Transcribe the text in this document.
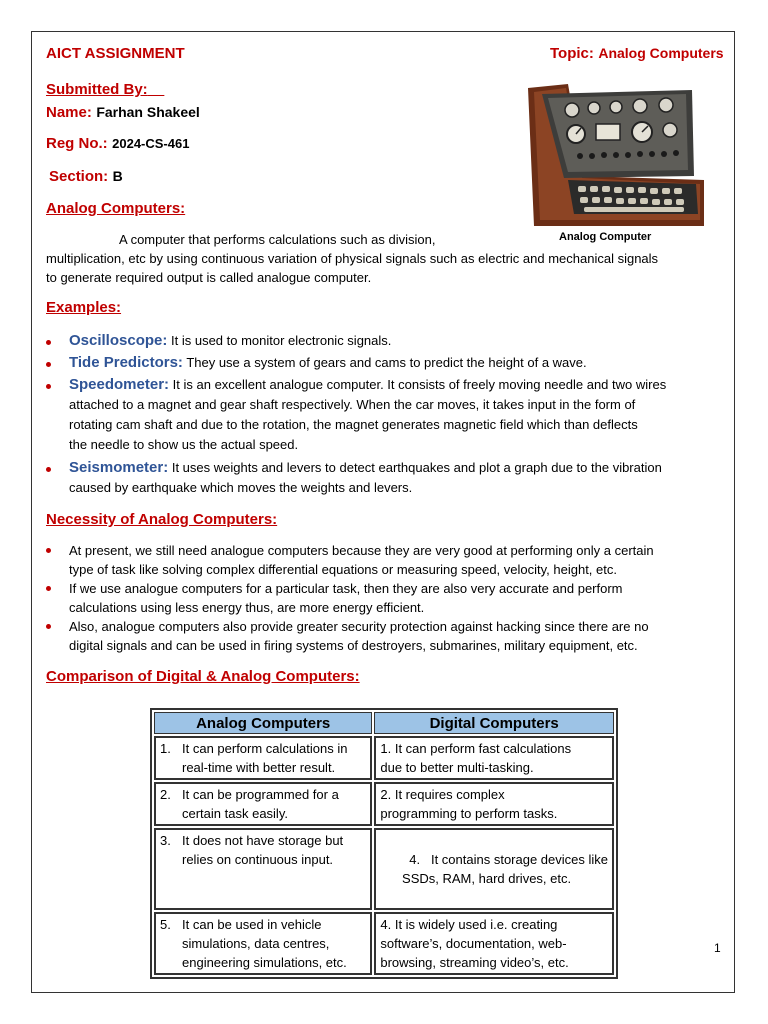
AICT ASSIGNMENT	Topic: Analog Computers
Submitted By:
Name: Farhan Shakeel
Reg No.: 2024-CS-461
Section: B
Analog Computer
Analog Computers:
A computer that performs calculations such as division,
multiplication, etc by using continuous variation of physical signals such as electric and mechanical signals
to generate required output is called analogue computer.
Examples:
Oscilloscope: It is used to monitor electronic signals.
Tide Predictors: They use a system of gears and cams to predict the height of a wave.
Speedometer: It is an excellent analogue computer. It consists of freely moving needle and two wires
attached to a magnet and gear shaft respectively. When the car moves, it takes input in the form of
rotating cam shaft and due to the rotation, the magnet generates magnetic field which than deflects
the needle to show us the actual speed.
Seismometer: It uses weights and levers to detect earthquakes and plot a graph due to the vibration
caused by earthquake which moves the weights and levers.
Necessity of Analog Computers:
At present, we still need analogue computers because they are very good at performing only a certain
type of task like solving complex differential equations or measuring speed, velocity, height, etc.
If we use analogue computers for a particular task, then they are also very accurate and perform
calculations using less energy thus, are more energy efficient.
Also, analogue computers also provide greater security protection against hacking since there are no
digital signals and can be used in firing systems of destroyers, submarines, military equipment, etc.
Comparison of Digital & Analog Computers:
Analog Computers	Digital Computers

1. It can perform calculations in
real-time with better result.	1. It can perform fast calculations
due to better multi-tasking.

2. It can be programmed for a
certain task easily.	2. It requires complex
programming to perform tasks.

3. It does not have storage but
relies on continuous input.	4.   It contains storage devices like
SSDs, RAM, hard drives, etc.

5. It can be used in vehicle
simulations, data centres,
engineering simulations, etc.	4. It is widely used i.e. creating
software’s, documentation, web-
browsing, streaming video’s, etc.
1
